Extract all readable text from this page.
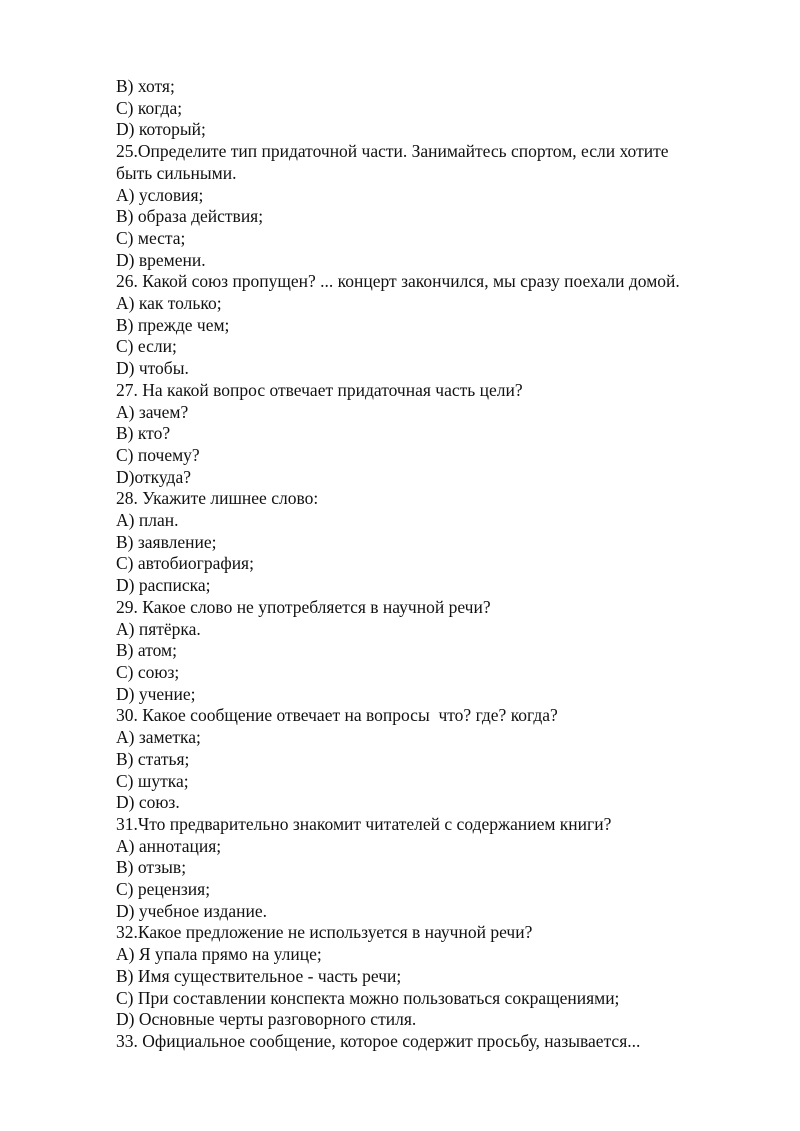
B) хотя;

C) когда;

D) который;

25.Определите тип придаточной части. Занимайтесь спортом, если хотите

быть сильными.

A) условия;

B) образа действия;

C) места;

D) времени.

26. Какой союз пропущен? ... концерт закончился, мы сразу поехали домой.

A) как только;

B) прежде чем;

C) если;

D) чтобы.

27. На какой вопрос отвечает придаточная часть цели?

A) зачем?

B) кто?

C) почему?

D)откуда?

28. Укажите лишнее слово:

A) план.

B) заявление;

C) автобиография;

D) расписка;

29. Какое слово не употребляется в научной речи?

A) пятёрка.

B) атом;

C) союз;

D) учение;

30. Какое сообщение отвечает на вопросы  что? где? когда?

A) заметка;

B) статья;

C) шутка;

D) союз.

31.Что предварительно знакомит читателей с содержанием книги?

A) аннотация;

B) отзыв;

C) рецензия;

D) учебное издание.

32.Какое предложение не используется в научной речи?

A) Я упала прямо на улице;

B) Имя существительное - часть речи;

C) При составлении конспекта можно пользоваться сокращениями;

D) Основные черты разговорного стиля.

33. Официальное сообщение, которое содержит просьбу, называется...
